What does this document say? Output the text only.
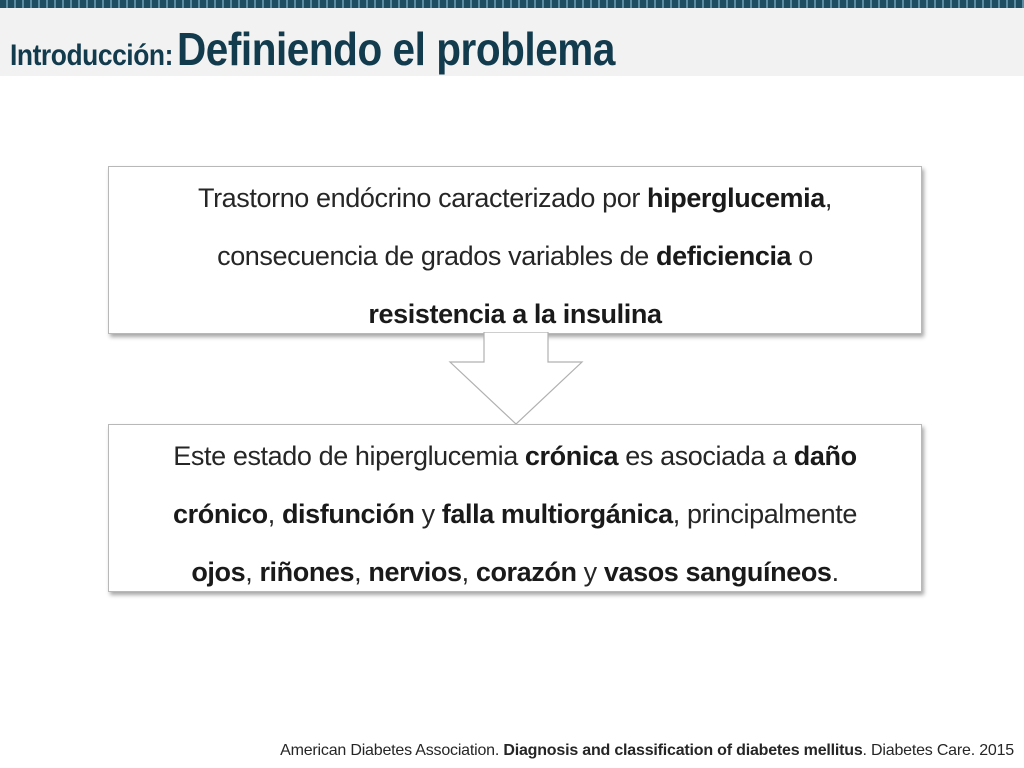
Introducción: Definiendo el problema
Trastorno endócrino caracterizado por hiperglucemia,
consecuencia de grados variables de deficiencia o
resistencia a la insulina
Este estado de hiperglucemia crónica es asociada a daño
crónico, disfunción y falla multiorgánica, principalmente
ojos, riñones, nervios, corazón y vasos sanguíneos.
American Diabetes Association. Diagnosis and classification of diabetes mellitus. Diabetes Care. 2015
